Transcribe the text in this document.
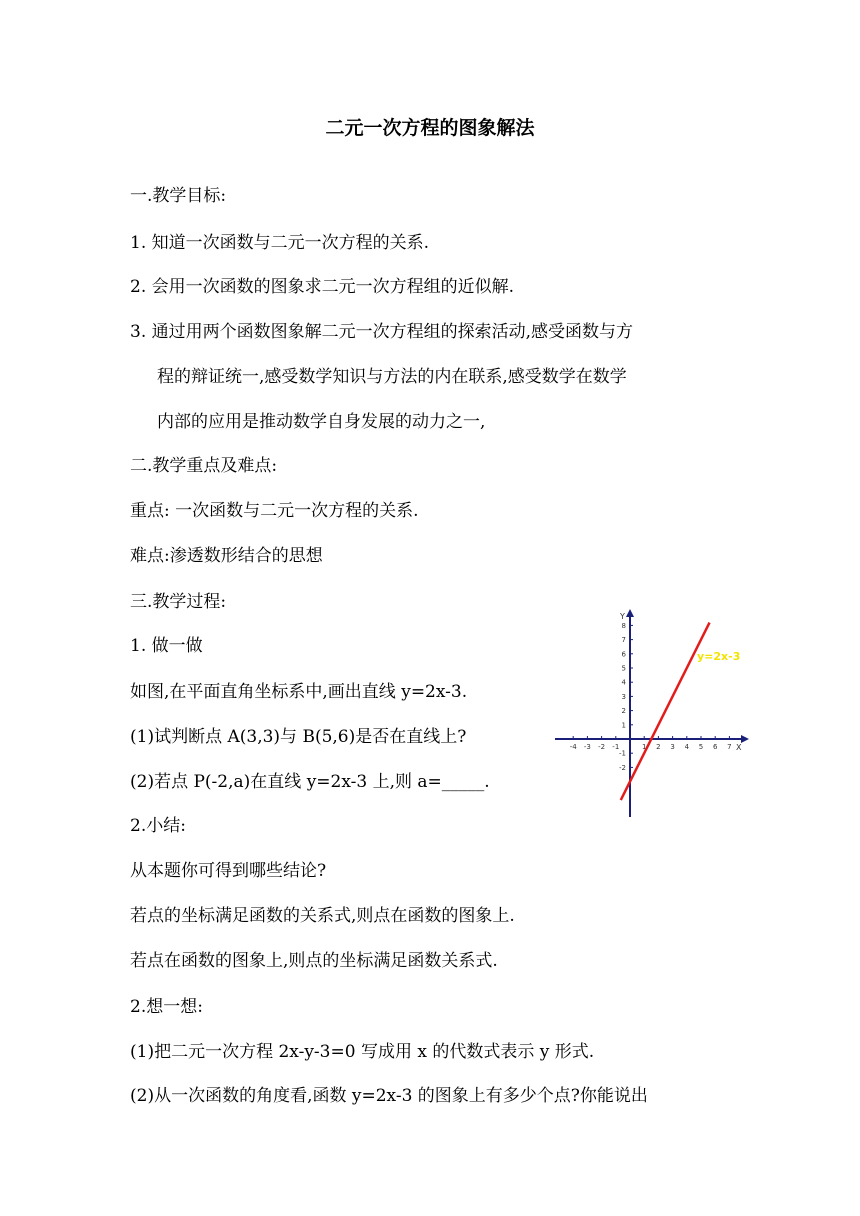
二元一次方程的图象解法
一.教学目标:
1. 知道一次函数与二元一次方程的关系.
2. 会用一次函数的图象求二元一次方程组的近似解.
3. 通过用两个函数图象解二元一次方程组的探索活动,感受函数与方
程的辩证统一,感受数学知识与方法的内在联系,感受数学在数学
内部的应用是推动数学自身发展的动力之一,
二.教学重点及难点:
重点: 一次函数与二元一次方程的关系.
难点:渗透数形结合的思想
三.教学过程:
1. 做一做
如图,在平面直角坐标系中,画出直线 y=2x-3.
(1)试判断点 A(3,3)与 B(5,6)是否在直线上?
(2)若点 P(-2,a)在直线 y=2x-3 上,则 a=_____.
2.小结:
从本题你可得到哪些结论?
若点的坐标满足函数的关系式,则点在函数的图象上.
若点在函数的图象上,则点的坐标满足函数关系式.
2.想一想:
(1)把二元一次方程 2x-y-3=0 写成用 x 的代数式表示 y 形式.
(2)从一次函数的角度看,函数 y=2x-3 的图象上有多少个点?你能说出
-4 -3 -2 -1	1 2 3 4 5 6 7
8
7
6
5
4
3
2
1
-1
-2
y=2x-3
X
Y
